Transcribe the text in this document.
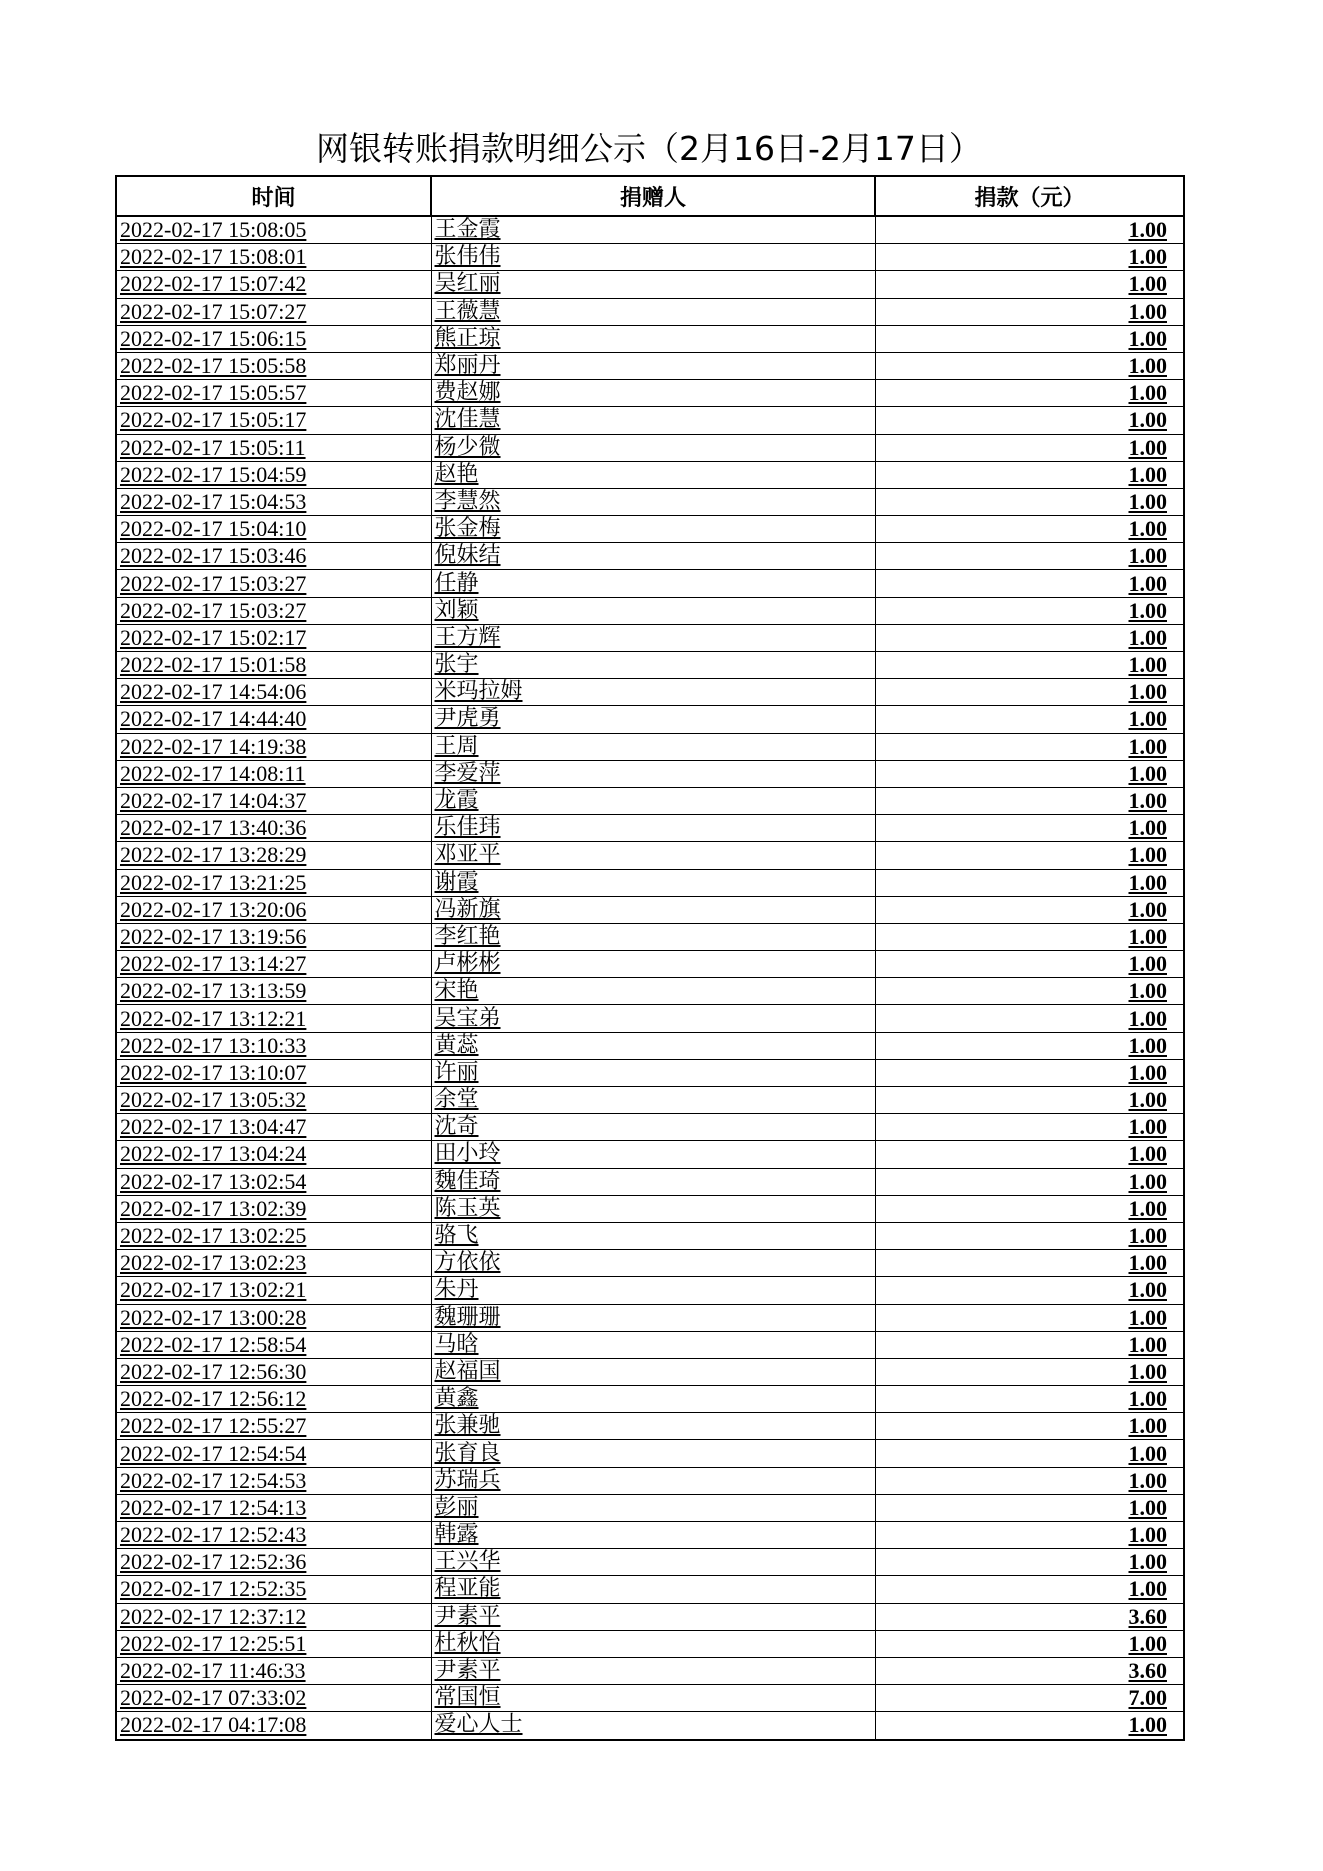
网银转账捐款明细公示（2月16日-2月17日）
时间	捐赠人	捐款（元）
2022-02-17 15:08:05	王金霞	1.00
2022-02-17 15:08:01	张伟伟	1.00
2022-02-17 15:07:42	吴红丽	1.00
2022-02-17 15:07:27	王薇慧	1.00
2022-02-17 15:06:15	熊正琼	1.00
2022-02-17 15:05:58	郑丽丹	1.00
2022-02-17 15:05:57	费赵娜	1.00
2022-02-17 15:05:17	沈佳慧	1.00
2022-02-17 15:05:11	杨少微	1.00
2022-02-17 15:04:59	赵艳	1.00
2022-02-17 15:04:53	李慧然	1.00
2022-02-17 15:04:10	张金梅	1.00
2022-02-17 15:03:46	倪妹结	1.00
2022-02-17 15:03:27	任静	1.00
2022-02-17 15:03:27	刘颖	1.00
2022-02-17 15:02:17	王方辉	1.00
2022-02-17 15:01:58	张宇	1.00
2022-02-17 14:54:06	米玛拉姆	1.00
2022-02-17 14:44:40	尹虎勇	1.00
2022-02-17 14:19:38	王周	1.00
2022-02-17 14:08:11	李爱萍	1.00
2022-02-17 14:04:37	龙霞	1.00
2022-02-17 13:40:36	乐佳玮	1.00
2022-02-17 13:28:29	邓亚平	1.00
2022-02-17 13:21:25	谢霞	1.00
2022-02-17 13:20:06	冯新旗	1.00
2022-02-17 13:19:56	李红艳	1.00
2022-02-17 13:14:27	卢彬彬	1.00
2022-02-17 13:13:59	宋艳	1.00
2022-02-17 13:12:21	吴宝弟	1.00
2022-02-17 13:10:33	黄蕊	1.00
2022-02-17 13:10:07	许丽	1.00
2022-02-17 13:05:32	余堂	1.00
2022-02-17 13:04:47	沈奇	1.00
2022-02-17 13:04:24	田小玲	1.00
2022-02-17 13:02:54	魏佳琦	1.00
2022-02-17 13:02:39	陈玉英	1.00
2022-02-17 13:02:25	骆飞	1.00
2022-02-17 13:02:23	方依依	1.00
2022-02-17 13:02:21	朱丹	1.00
2022-02-17 13:00:28	魏珊珊	1.00
2022-02-17 12:58:54	马晗	1.00
2022-02-17 12:56:30	赵福国	1.00
2022-02-17 12:56:12	黄鑫	1.00
2022-02-17 12:55:27	张兼驰	1.00
2022-02-17 12:54:54	张育良	1.00
2022-02-17 12:54:53	苏瑞兵	1.00
2022-02-17 12:54:13	彭丽	1.00
2022-02-17 12:52:43	韩露	1.00
2022-02-17 12:52:36	王兴华	1.00
2022-02-17 12:52:35	程亚能	1.00
2022-02-17 12:37:12	尹素平	3.60
2022-02-17 12:25:51	杜秋怡	1.00
2022-02-17 11:46:33	尹素平	3.60
2022-02-17 07:33:02	常国恒	7.00
2022-02-17 04:17:08	爱心人士	1.00
